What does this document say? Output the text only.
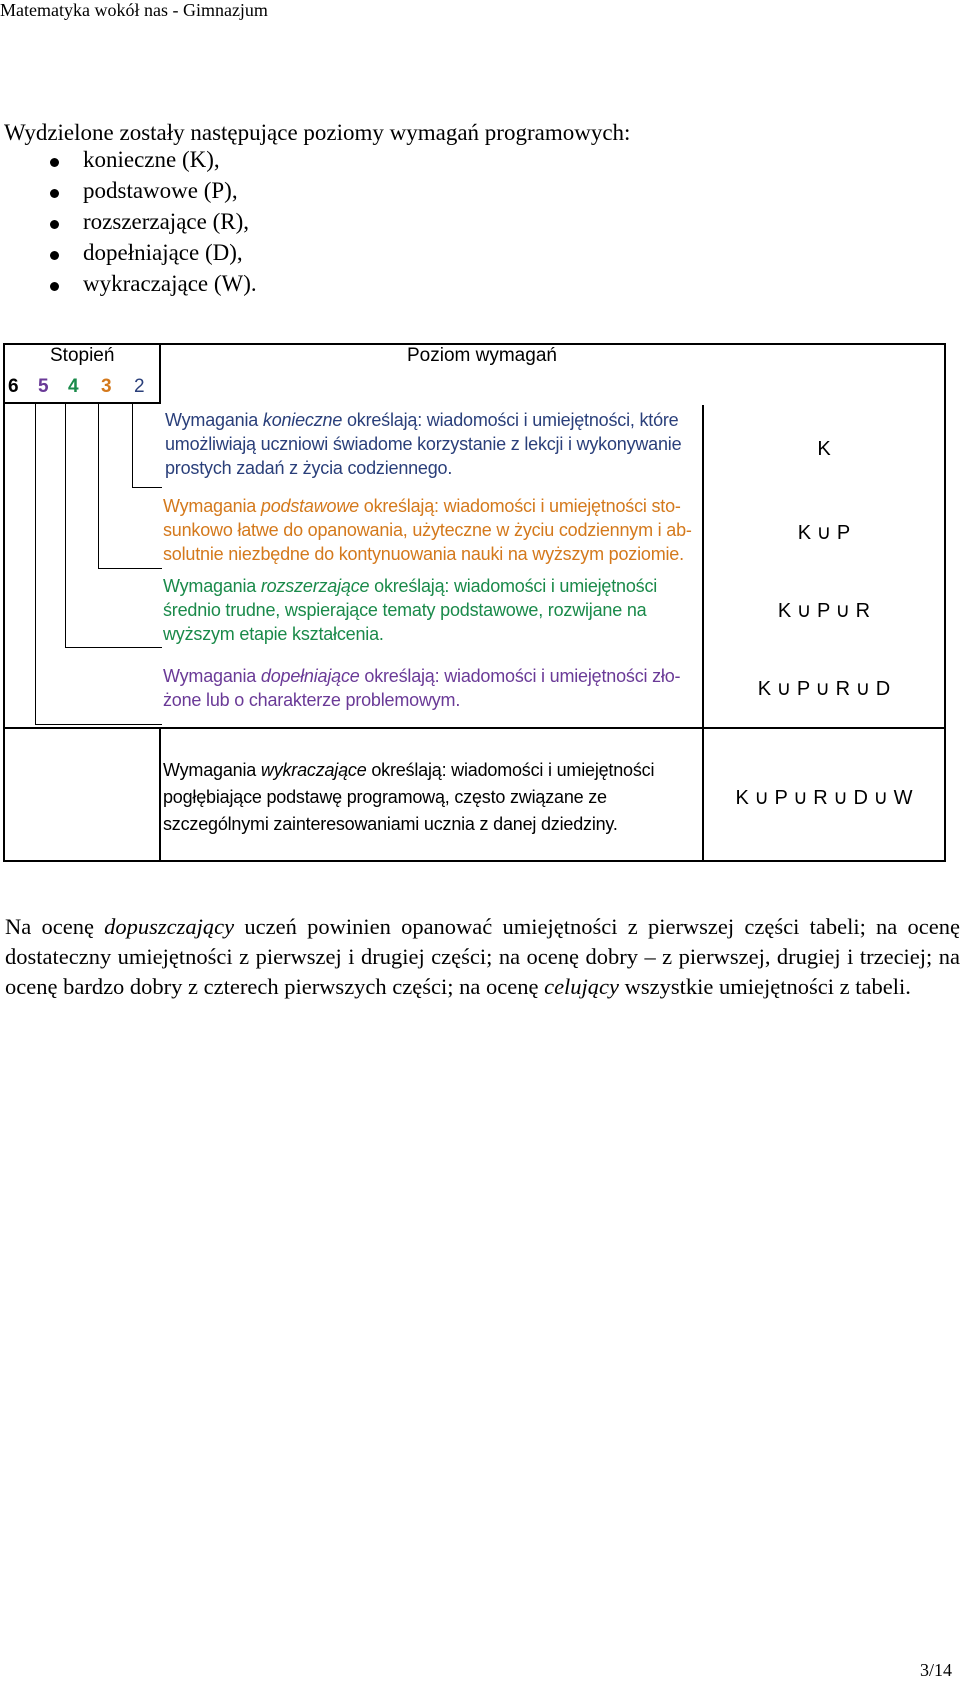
Matematyka wokół nas - Gimnazjum
Wydzielone zostały następujące poziomy wymagań programowych:
konieczne (K),
podstawowe (P),
rozszerzające (R),
dopełniające (D),
wykraczające (W).
Stopień	Poziom wymagań
6 5 4 3 2
Wymagania konieczne określają: wiadomości i umiejętności, które umożliwiają uczniowi świadome korzystanie z lekcji i wykonywanie prostych zadań z życia codziennego.
K
Wymagania podstawowe określają: wiadomości i umiejętności sto-sunkowo łatwe do opanowania, użyteczne w życiu codziennym i ab-solutnie niezbędne do kontynuowania nauki na wyższym poziomie.
K ∪ P
Wymagania rozszerzające określają: wiadomości i umiejętności średnio trudne, wspierające tematy podstawowe, rozwijane na wyższym etapie kształcenia.
K ∪ P ∪ R
Wymagania dopełniające określają: wiadomości i umiejętności zło-żone lub o charakterze problemowym.	K ∪ P ∪ R ∪ D
Wymagania wykraczające określają: wiadomości i umiejętności pogłębiające podstawę programową, często związane ze szczególnymi zainteresowaniami ucznia z danej dziedziny.
K ∪ P ∪ R ∪ D ∪ W
Na ocenę dopuszczający uczeń powinien opanować umiejętności z pierwszej części tabeli; na ocenę dostateczny umiejętności z pierwszej i drugiej części; na ocenę dobry – z pierwszej, drugiej i trzeciej; na ocenę bardzo dobry z czterech pierwszych części; na ocenę celujący wszystkie umiejętności z tabeli.
3/14
